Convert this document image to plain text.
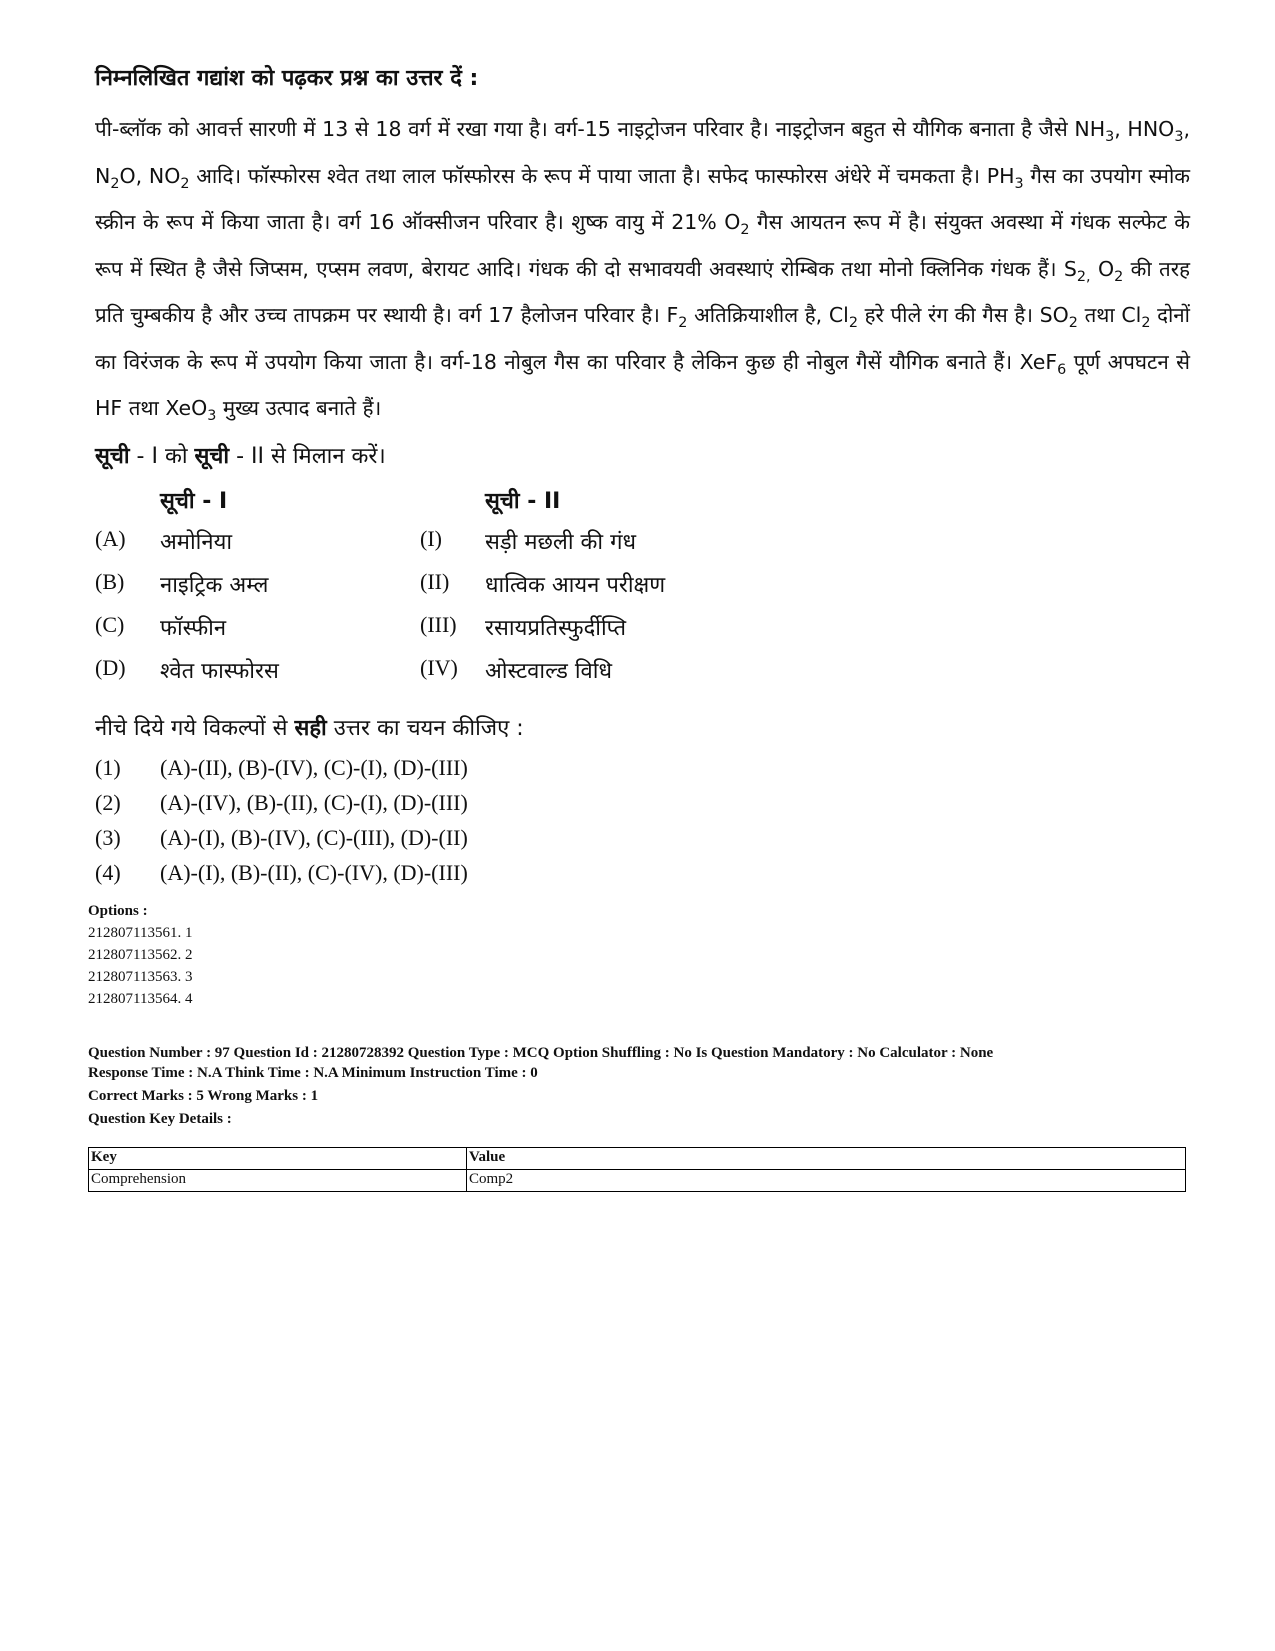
निम्नलिखित गद्यांश को पढ़कर प्रश्न का उत्तर दें :
पी-ब्लॉक को आवर्त्त सारणी में 13 से 18 वर्ग में रखा गया है। वर्ग-15 नाइट्रोजन परिवार है। नाइट्रोजन बहुत से यौगिक बनाता है जैसे $NH_3$, $HNO_3$, $N_2O$, $NO_2$ आदि। फॉस्फोरस श्वेत तथा लाल फॉस्फोरस के रूप में पाया जाता है। सफेद फास्फोरस अंधेरे में चमकता है। $PH_3$ गैस का उपयोग स्मोक स्क्रीन के रूप में किया जाता है। वर्ग 16 ऑक्सीजन परिवार है। शुष्क वायु में 21% $O_2$ गैस आयतन रूप में है। संयुक्त अवस्था में गंधक सल्फेट के रूप में स्थित है जैसे जिप्सम, एप्सम लवण, बेरायट आदि। गंधक की दो सभावयवी अवस्थाएं रोम्बिक तथा मोनो क्लिनिक गंधक हैं। $S_{2,}$ $O_2$ की तरह प्रति चुम्बकीय है और उच्च तापक्रम पर स्थायी है। वर्ग 17 हैलोजन परिवार है। $F_2$ अतिक्रियाशील है, $Cl_2$ हरे पीले रंग की गैस है। $SO_2$ तथा $Cl_2$ दोनों का विरंजक के रूप में उपयोग किया जाता है। वर्ग-18 नोबुल गैस का परिवार है लेकिन कुछ ही नोबुल गैसें यौगिक बनाते हैं। XeF$_6$ पूर्ण अपघटन से HF तथा XeO$_3$ मुख्य उत्पाद बनाते हैं।
सूची - I को सूची - II से मिलान करें।
सूची - I	सूची - II
(A) अमोनिया	(I) सड़ी मछली की गंध
(B) नाइट्रिक अम्ल	(II) धात्विक आयन परीक्षण
(C) फॉस्फीन	(III) रसायप्रतिस्फुर्दीप्ति
(D) श्वेत फास्फोरस	(IV) ओस्टवाल्ड विधि
नीचे दिये गये विकल्पों से सही उत्तर का चयन कीजिए :
(1) (A)-(II), (B)-(IV), (C)-(I), (D)-(III)
(2) (A)-(IV), (B)-(II), (C)-(I), (D)-(III)
(3) (A)-(I), (B)-(IV), (C)-(III), (D)-(II)
(4) (A)-(I), (B)-(II), (C)-(IV), (D)-(III)
Options :
212807113561. 1
212807113562. 2
212807113563. 3
212807113564. 4
Question Number : 97 Question Id : 21280728392 Question Type : MCQ Option Shuffling : No Is Question Mandatory : No Calculator : None
Response Time : N.A Think Time : N.A Minimum Instruction Time : 0
Correct Marks : 5 Wrong Marks : 1
Question Key Details :
Key	Value
Comprehension	Comp2
